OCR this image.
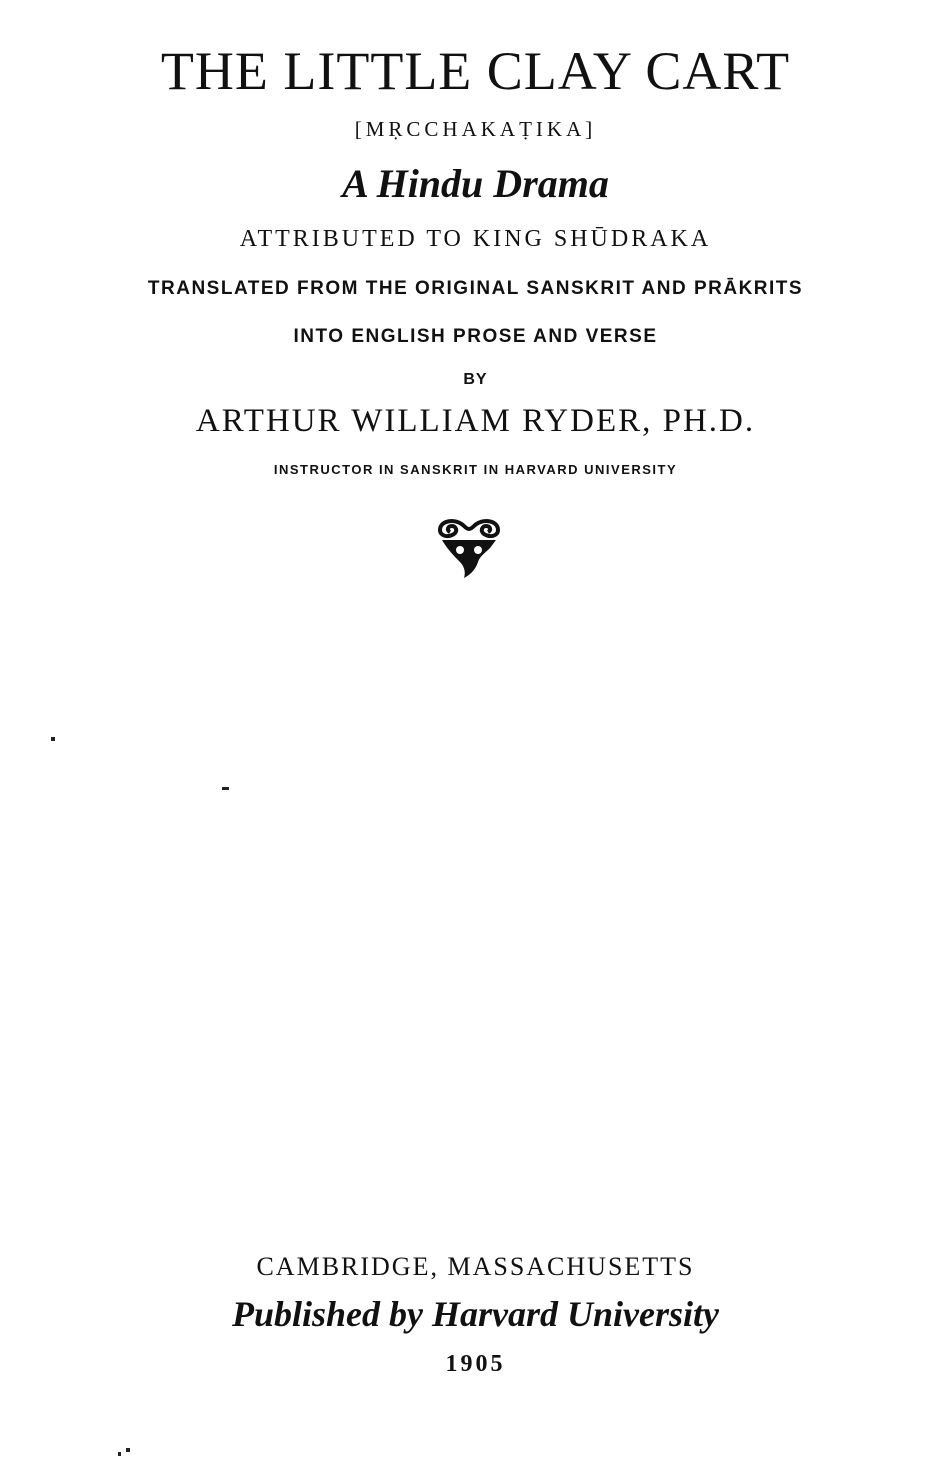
THE LITTLE CLAY CART
[MṚCCHAKAṬIKA]
A Hindu Drama
ATTRIBUTED TO KING SHŪDRAKA
TRANSLATED FROM THE ORIGINAL SANSKRIT AND PRĀKRITS
INTO ENGLISH PROSE AND VERSE
BY
ARTHUR WILLIAM RYDER, PH.D.
INSTRUCTOR IN SANSKRIT IN HARVARD UNIVERSITY
CAMBRIDGE, MASSACHUSETTS
Published by Harvard University
1905
